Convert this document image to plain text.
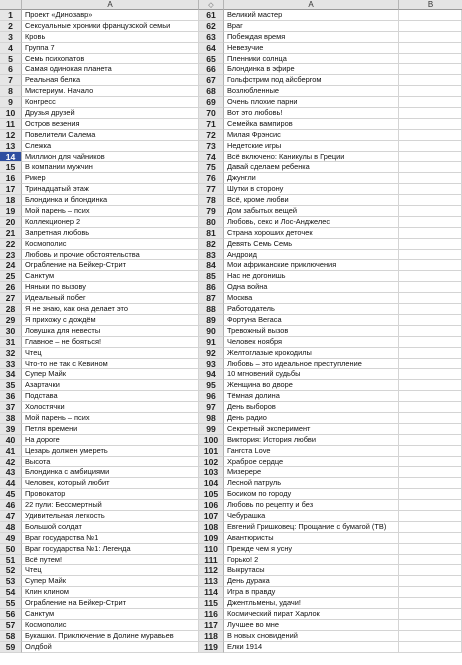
A	◇	A	B
1	Проект «Динозавр»	61	Великий мастер
2	Сексуальные хроники французской семьи	62	Враг
3	Кровь	63	Побеждая время
4	Группа 7	64	Невезучие
5	Семь психопатов	65	Пленники солнца
6	Самая одинокая планета	66	Блондинка в эфире
7	Реальная белка	67	Гольфстрим под айсбергом
8	Мистериум. Начало	68	Возлюбленные
9	Конгресс	69	Очень плохие парни
10	Друзья друзей	70	Вот это любовь!
11	Остров везения	71	Семейка вампиров
12	Повелители Салема	72	Милая Фрэнсис
13	Слежка	73	Недетские игры
14	Миллион для чайников	74	Всё включено: Каникулы в Греции
15	В компании мужчин	75	Давай сделаем ребенка
16	Рикер	76	Джунгли
17	Тринадцатый этаж	77	Шутки в сторону
18	Блондинка и блондинка	78	Всё, кроме любви
19	Мой парень – псих	79	Дом забытых вещей
20	Коллекционер 2	80	Любовь, секс и Лос-Анджелес
21	Запретная любовь	81	Страна хороших деточек
22	Космополис	82	Девять Семь Семь
23	Любовь и прочие обстоятельства	83	Андроид
24	Ограбление на Бейкер-Стрит	84	Мои африканские приключения
25	Санктум	85	Нас не догонишь
26	Няньки по вызову	86	Одна война
27	Идеальный побег	87	Москва
28	Я не знаю, как она делает это	88	Работодатель
29	Я прихожу с дождём	89	Фортуна Вегаса
30	Ловушка для невесты	90	Тревожный вызов
31	Главное – не бояться!	91	Человек ноября
32	Чтец	92	Желтоглазые крокодилы
33	Что-то не так с Кевином	93	Любовь – это идеальное преступление
34	Супер Майк	94	10 мгновений судьбы
35	Азартачки	95	Женщина во дворе
36	Подстава	96	Тёмная долина
37	Холостячки	97	День выборов
38	Мой парень – псих	98	День радио
39	Петля времени	99	Секретный эксперимент
40	На дороге	100	Виктория: История любви
41	Цезарь должен умереть	101	Гангста Love
42	Высота	102	Храброе сердце
43	Блондинка с амбициями	103	Мизерере
44	Человек, который любит	104	Лесной патруль
45	Провокатор	105	Босиком по городу
46	22 пули: Бессмертный	106	Любовь по рецепту и без
47	Удивительная легкость	107	Чебурашка
48	Большой солдат	108	Евгений Гришковец: Прощание с бумагой (TB)
49	Враг государства №1	109	Авантюристы
50	Враг государства №1: Легенда	110	Прежде чем я усну
51	Всё путем!	111	Горько! 2
52	Чтец	112	Выкрутасы
53	Супер Майк	113	День дурака
54	Клин клином	114	Игра в правду
55	Ограбление на Бейкер-Стрит	115	Джентльмены, удачи!
56	Санктум	116	Космический пират Харлок
57	Космополис	117	Лучшее во мне
58	Букашки. Приключение в Долине муравьев	118	В новых сновидений
59	Олдбой	119	Елки 1914
